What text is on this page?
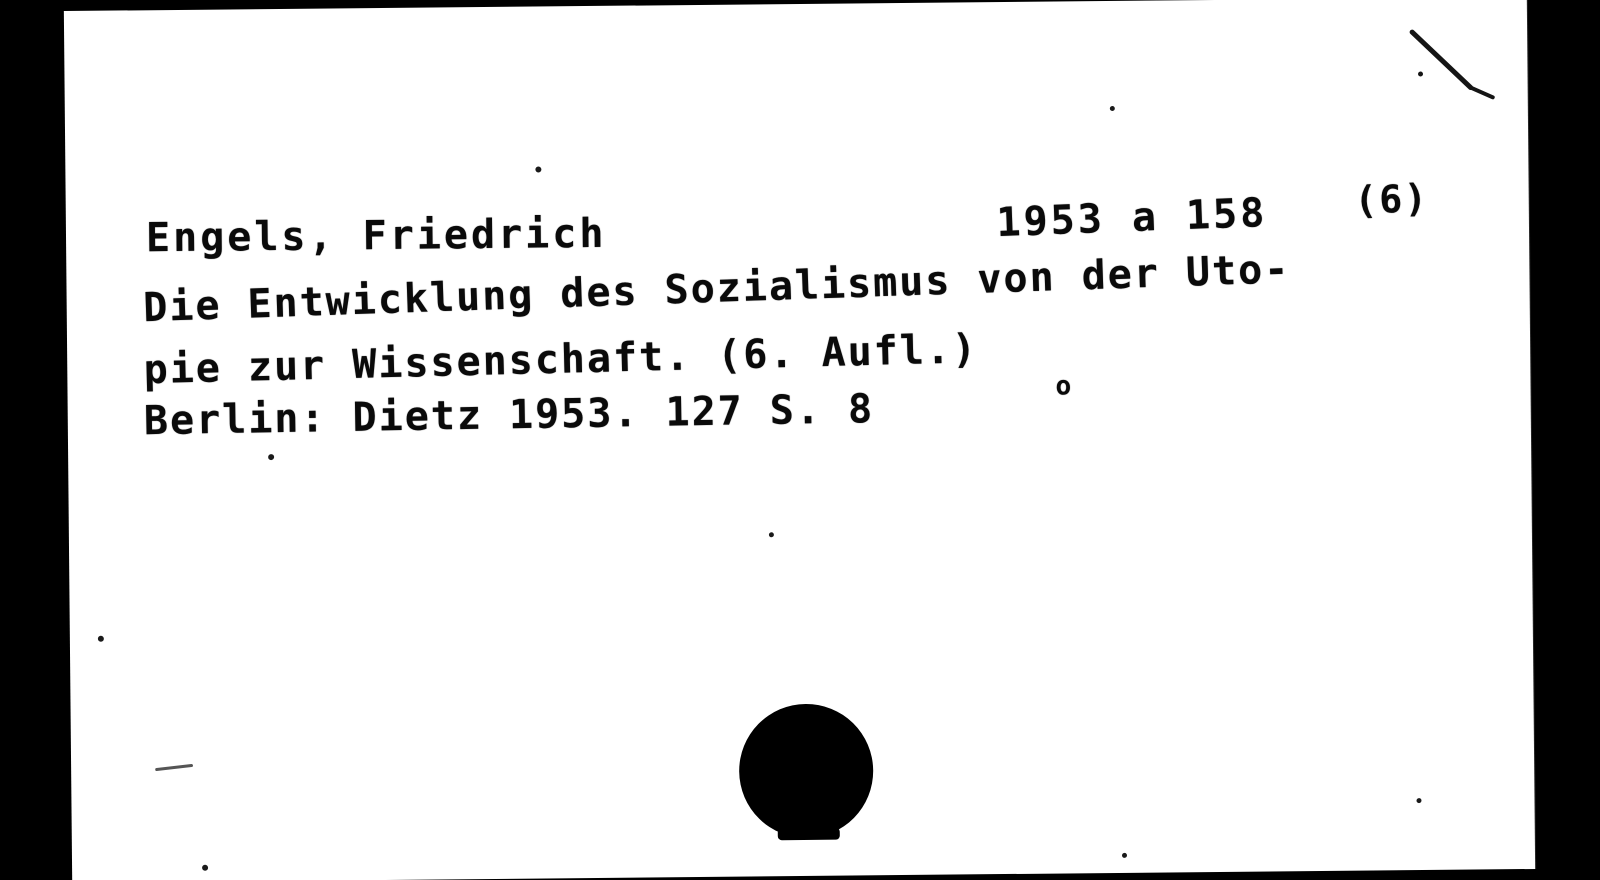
Engels, Friedrich	1953 a 158 (6)
Die Entwicklung des Sozialismus von der Uto-
pie zur Wissenschaft. (6. Aufl.)
Berlin: Dietz 1953. 127 S. 8	o
